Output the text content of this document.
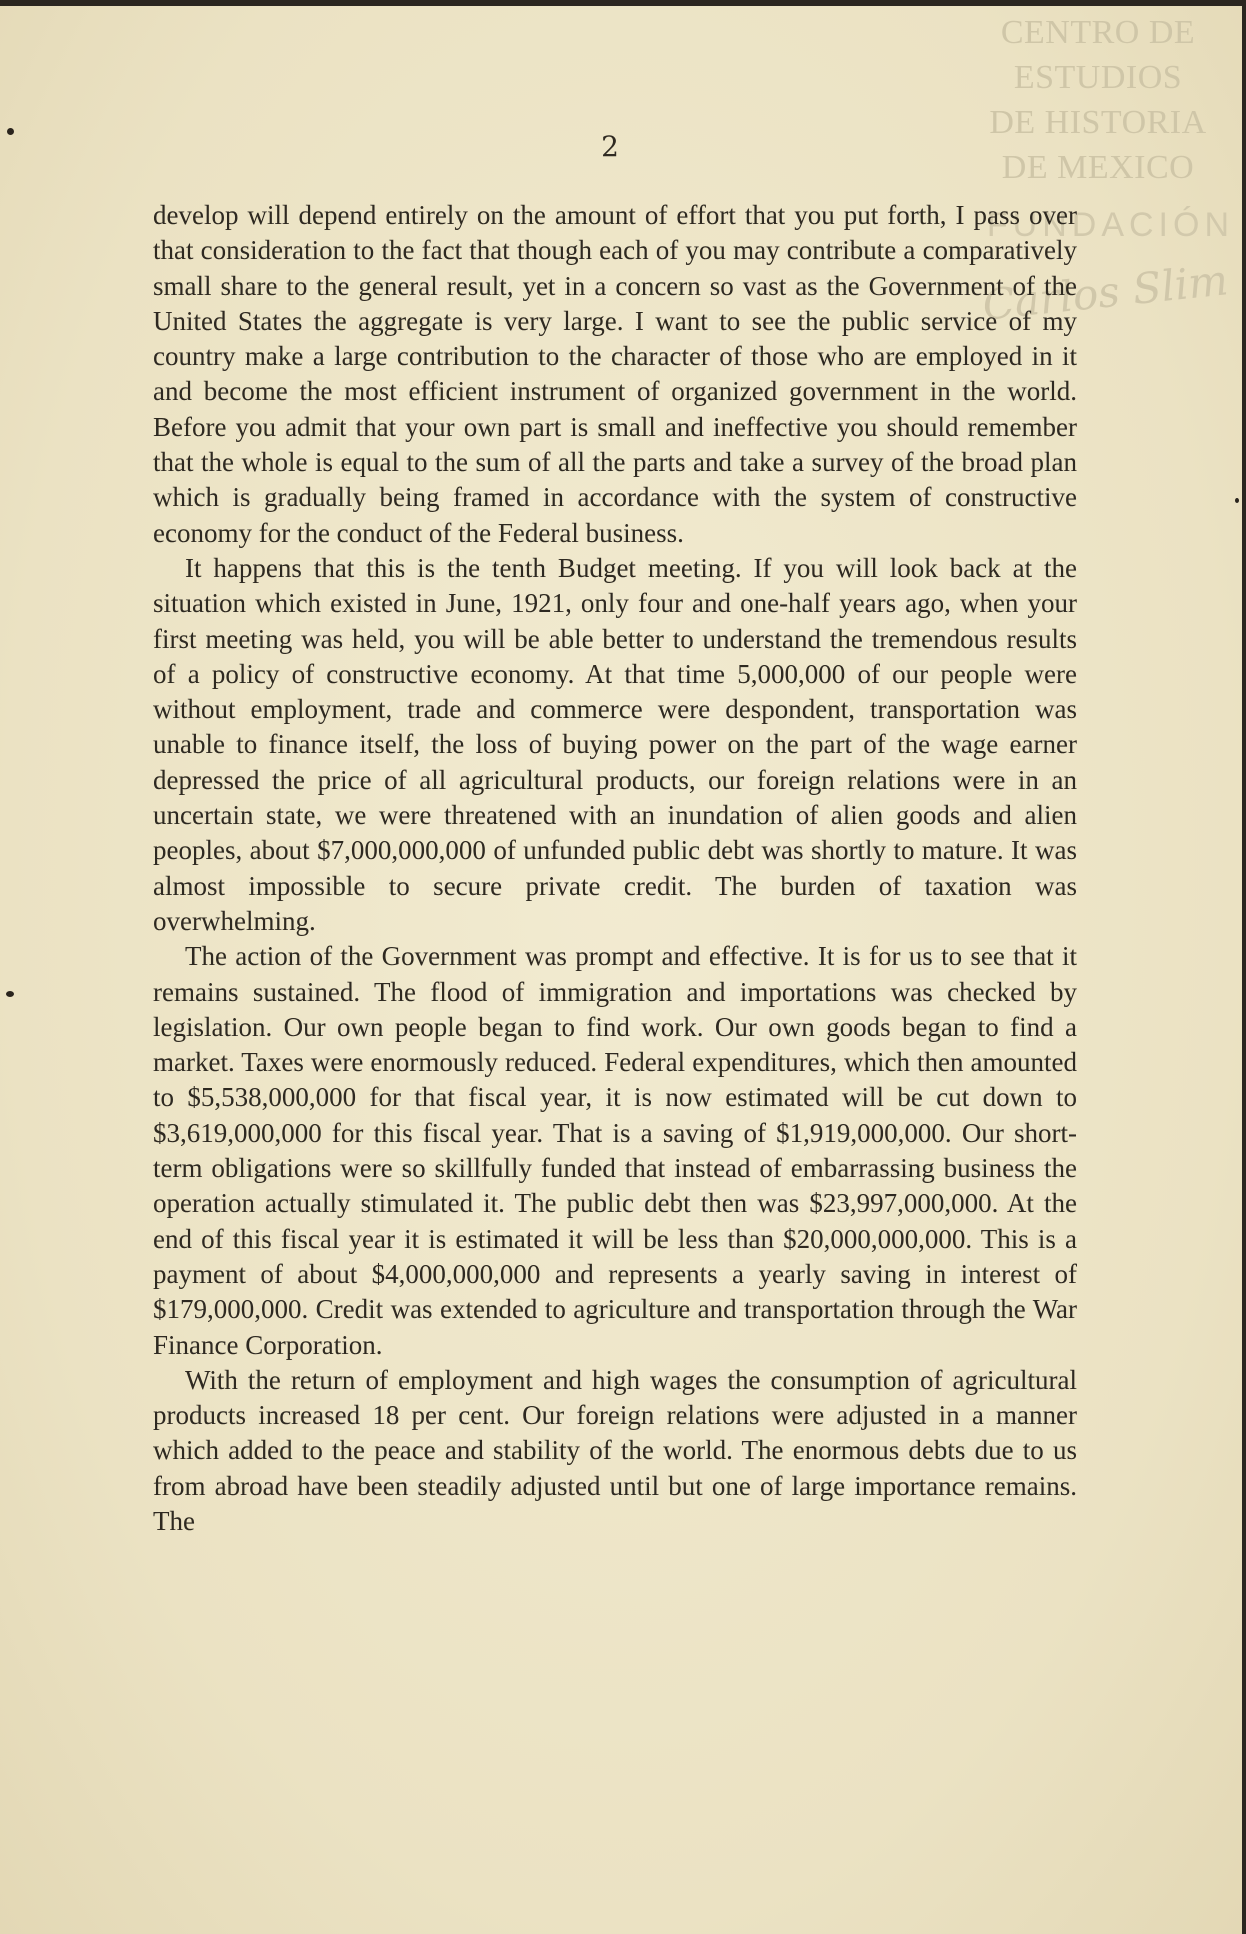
CENTRO DE
ESTUDIOS
DE HISTORIA
DE MEXICO
FUNDACIÓN
Carlos Slim
2

develop will depend entirely on the amount of effort that you put forth, I pass over that consideration to the fact that though each of you may contribute a comparatively small share to the general result, yet in a concern so vast as the Government of the United States the aggregate is very large. I want to see the public service of my country make a large contribution to the character of those who are employed in it and become the most efficient instrument of organized government in the world. Before you admit that your own part is small and ineffective you should remember that the whole is equal to the sum of all the parts and take a survey of the broad plan which is gradually being framed in accordance with the system of constructive economy for the conduct of the Federal business.

It happens that this is the tenth Budget meeting. If you will look back at the situation which existed in June, 1921, only four and one-half years ago, when your first meeting was held, you will be able better to understand the tremendous results of a policy of constructive economy. At that time 5,000,000 of our people were without employment, trade and commerce were despondent, transportation was unable to finance itself, the loss of buying power on the part of the wage earner depressed the price of all agricultural products, our foreign relations were in an uncertain state, we were threatened with an inundation of alien goods and alien peoples, about $7,000,000,000 of unfunded public debt was shortly to mature. It was almost impossible to secure private credit. The burden of taxation was overwhelming.

The action of the Government was prompt and effective. It is for us to see that it remains sustained. The flood of immigration and importations was checked by legislation. Our own people began to find work. Our own goods began to find a market. Taxes were enormously reduced. Federal expenditures, which then amounted to $5,538,000,000 for that fiscal year, it is now estimated will be cut down to $3,619,000,000 for this fiscal year. That is a saving of $1,919,000,000. Our short-term obligations were so skillfully funded that instead of embarrassing business the operation actually stimulated it. The public debt then was $23,997,000,000. At the end of this fiscal year it is estimated it will be less than $20,000,000,000. This is a payment of about $4,000,000,000 and represents a yearly saving in interest of $179,000,000. Credit was extended to agriculture and transportation through the War Finance Corporation.

With the return of employment and high wages the consumption of agricultural products increased 18 per cent. Our foreign relations were adjusted in a manner which added to the peace and stability of the world. The enormous debts due to us from abroad have been steadily adjusted until but one of large importance remains. The
